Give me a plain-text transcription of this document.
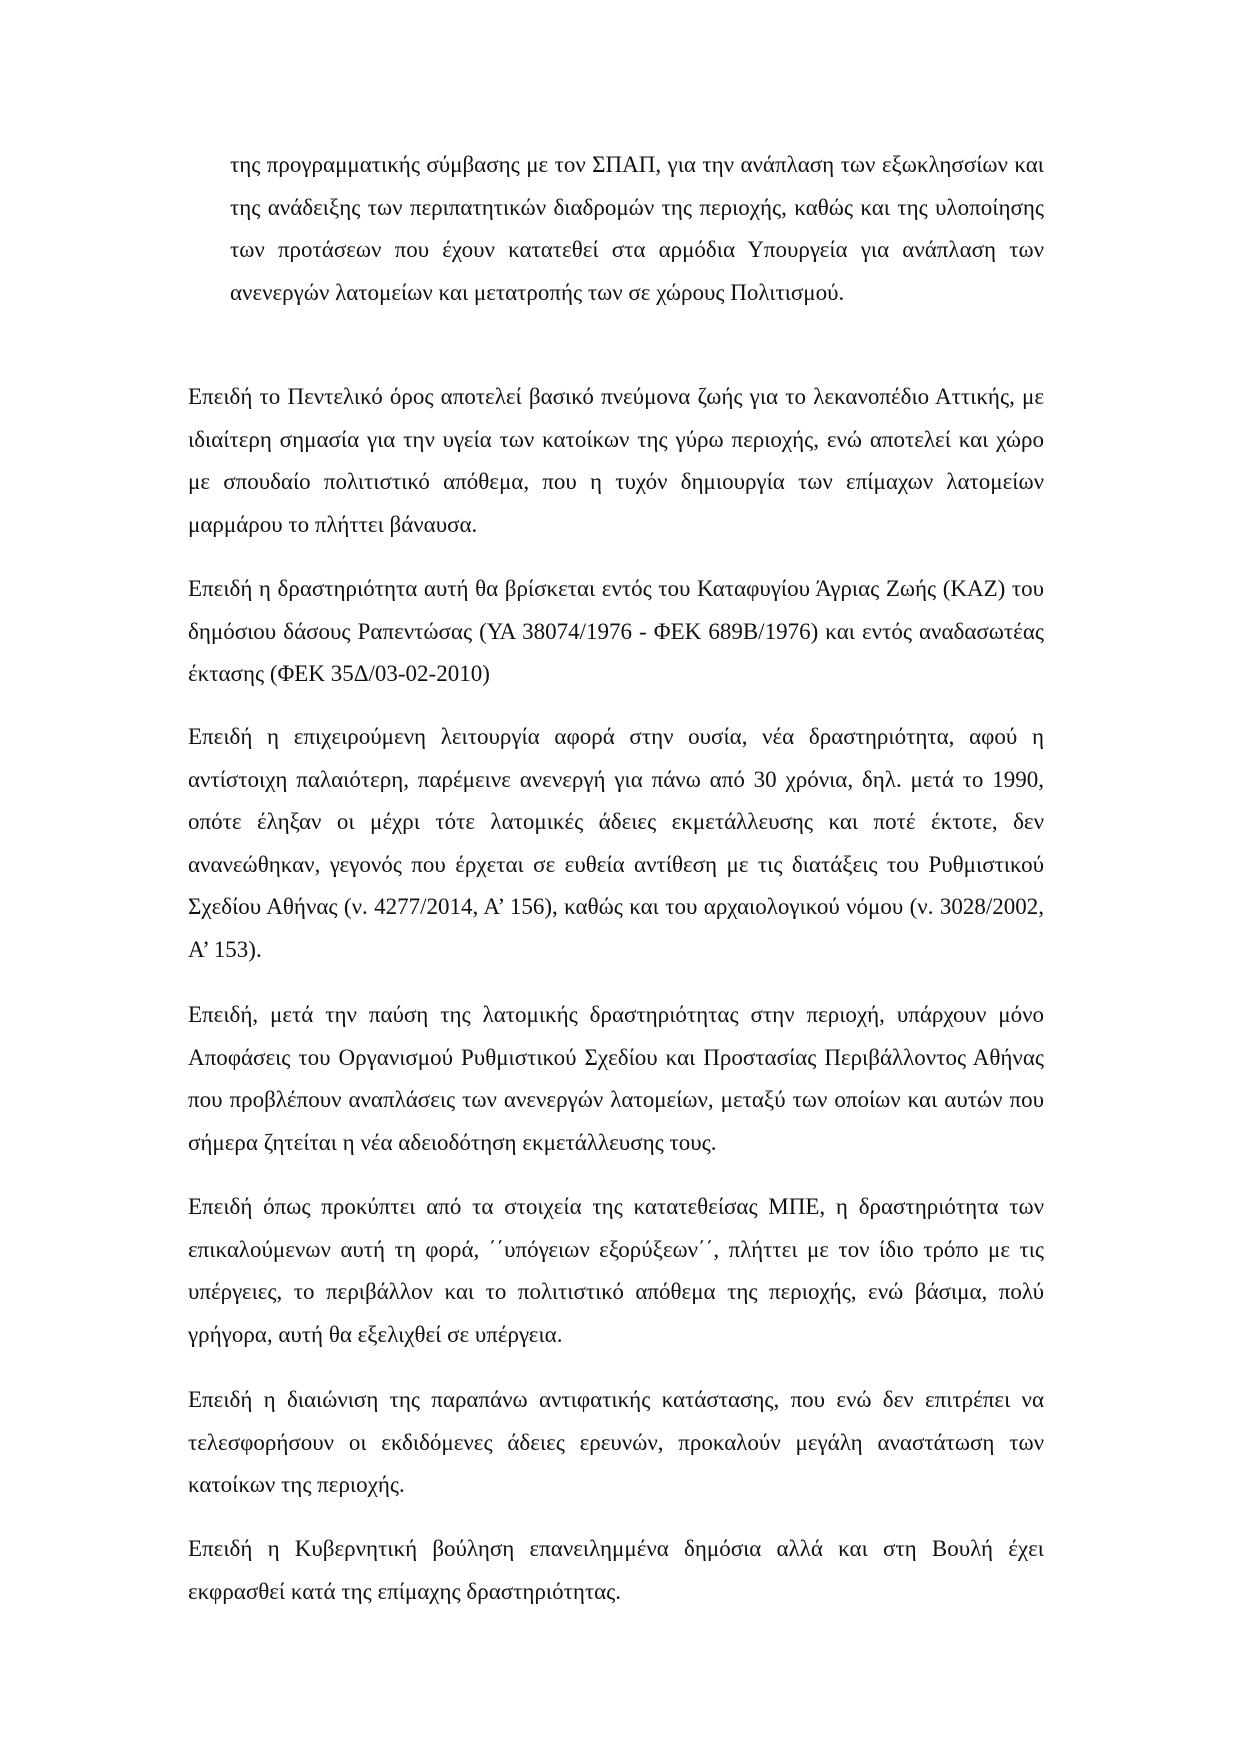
της προγραμματικής σύμβασης με τον ΣΠΑΠ, για την ανάπλαση των εξωκλησσίων και της ανάδειξης των περιπατητικών διαδρομών της περιοχής, καθώς και της υλοποίησης των προτάσεων που έχουν κατατεθεί στα αρμόδια Υπουργεία για ανάπλαση των ανενεργών λατομείων και μετατροπής των σε χώρους Πολιτισμού.

Επειδή το Πεντελικό όρος αποτελεί βασικό πνεύμονα ζωής για το λεκανοπέδιο Αττικής, με ιδιαίτερη σημασία για την υγεία των κατοίκων της γύρω περιοχής, ενώ αποτελεί και χώρο με σπουδαίο πολιτιστικό απόθεμα, που η τυχόν δημιουργία των επίμαχων λατομείων μαρμάρου το πλήττει βάναυσα.

Επειδή η δραστηριότητα αυτή θα βρίσκεται εντός του Καταφυγίου Άγριας Ζωής (ΚΑΖ) του δημόσιου δάσους Ραπεντώσας (ΥΑ 38074/1976 - ΦΕΚ 689Β/1976) και εντός αναδασωτέας έκτασης (ΦΕΚ 35Δ/03-02-2010)

Επειδή η επιχειρούμενη λειτουργία αφορά στην ουσία, νέα δραστηριότητα, αφού η αντίστοιχη παλαιότερη, παρέμεινε ανενεργή για πάνω από 30 χρόνια, δηλ. μετά το 1990, οπότε έληξαν οι μέχρι τότε λατομικές άδειες εκμετάλλευσης και ποτέ έκτοτε, δεν ανανεώθηκαν, γεγονός που έρχεται σε ευθεία αντίθεση με τις διατάξεις του Ρυθμιστικού Σχεδίου Αθήνας (ν. 4277/2014, Α’ 156), καθώς και του αρχαιολογικού νόμου (ν. 3028/2002, Α’ 153).

Επειδή, μετά την παύση της λατομικής δραστηριότητας στην περιοχή, υπάρχουν μόνο Αποφάσεις του Οργανισμού Ρυθμιστικού Σχεδίου και Προστασίας Περιβάλλοντος Αθήνας που προβλέπουν αναπλάσεις των ανενεργών λατομείων, μεταξύ των οποίων και αυτών που σήμερα ζητείται η νέα αδειοδότηση εκμετάλλευσης τους.

Επειδή όπως προκύπτει από τα στοιχεία της κατατεθείσας ΜΠΕ, η δραστηριότητα των επικαλούμενων αυτή τη φορά, ΄΄υπόγειων εξορύξεων΄΄, πλήττει με τον ίδιο τρόπο με τις υπέργειες, το περιβάλλον και το πολιτιστικό απόθεμα της περιοχής, ενώ βάσιμα, πολύ γρήγορα, αυτή θα εξελιχθεί σε υπέργεια.

Επειδή η διαιώνιση της παραπάνω αντιφατικής κατάστασης, που ενώ δεν επιτρέπει να τελεσφορήσουν οι εκδιδόμενες άδειες ερευνών, προκαλούν μεγάλη αναστάτωση των κατοίκων της περιοχής.

Επειδή η Κυβερνητική βούληση επανειλημμένα δημόσια αλλά και στη Βουλή έχει εκφρασθεί κατά της επίμαχης δραστηριότητας.
